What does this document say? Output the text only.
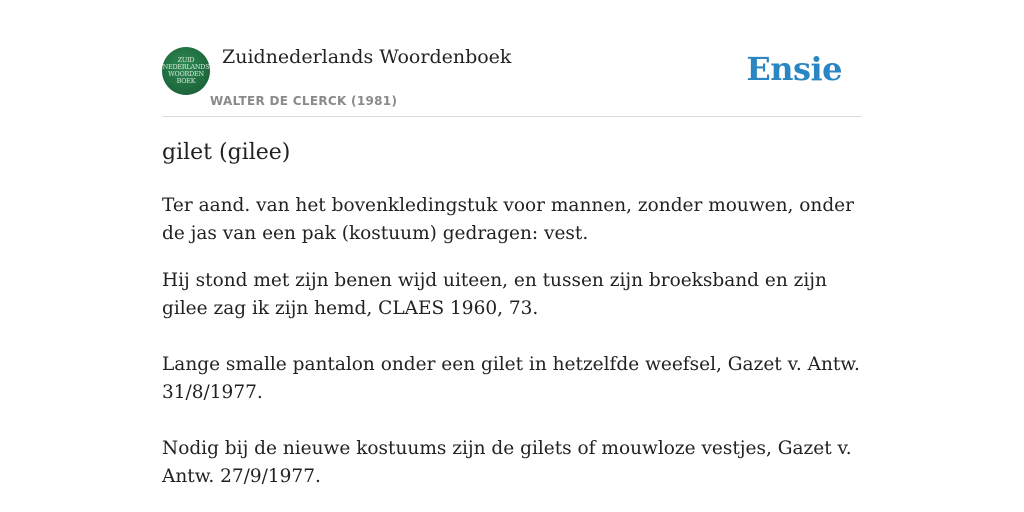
ZUID
NEDERLANDS
WOORDEN
BOEK
Zuidnederlands Woordenboek
WALTER DE CLERCK (1981)
Ensie
gilet (gilee)

Ter aand. van het bovenkledingstuk voor mannen, zonder mouwen, onder de jas van een pak (kostuum) gedragen: vest.

Hij stond met zijn benen wijd uiteen, en tussen zijn broeksband en zijn gilee zag ik zijn hemd, CLAES 1960, 73.
Lange smalle pantalon onder een gilet in hetzelfde weefsel, Gazet v. Antw. 31/8/1977.
Nodig bij de nieuwe kostuums zijn de gilets of mouwloze vestjes, Gazet v. Antw. 27/9/1977.
